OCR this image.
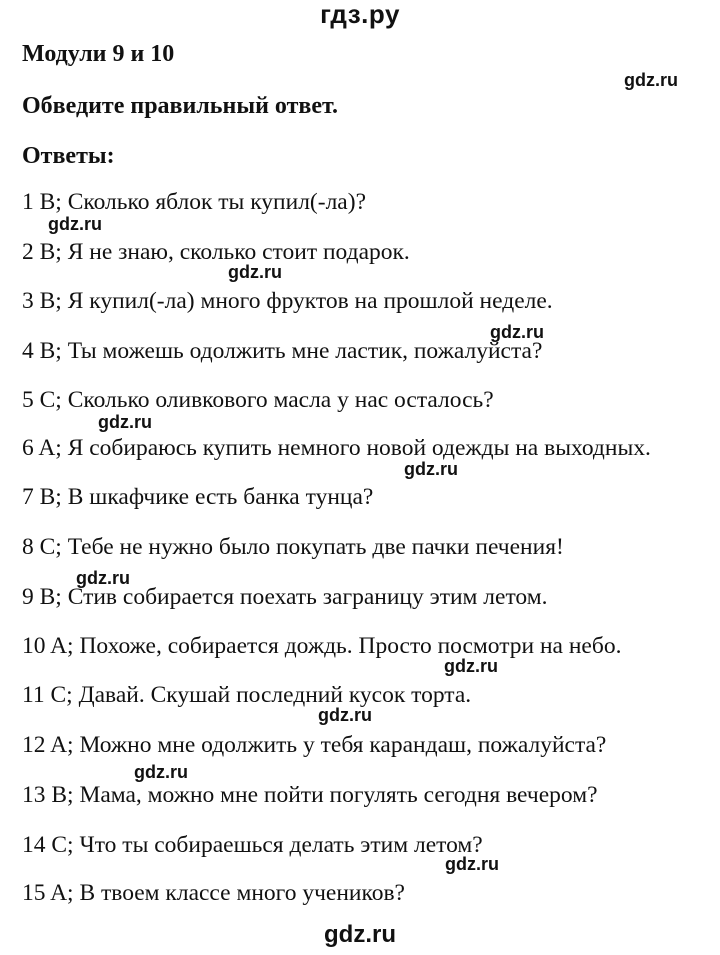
гдз.ру
Модули 9 и 10
Обведите правильный ответ.
Ответы:
1 B; Сколько яблок ты купил(-ла)?
2 B; Я не знаю, сколько стоит подарок.
3 B; Я купил(-ла) много фруктов на прошлой неделе.
4 B; Ты можешь одолжить мне ластик, пожалуйста?
5 C; Сколько оливкового масла у нас осталось?
6 A; Я собираюсь купить немного новой одежды на выходных.
7 B; В шкафчике есть банка тунца?
8 C; Тебе не нужно было покупать две пачки печения!
9 B; Стив собирается поехать заграницу этим летом.
10 A; Похоже, собирается дождь. Просто посмотри на небо.
11 C; Давай. Скушай последний кусок торта.
12 A; Можно мне одолжить у тебя карандаш, пожалуйста?
13 B; Мама, можно мне пойти погулять сегодня вечером?
14 C; Что ты собираешься делать этим летом?
15 A; В твоем классе много учеников?
gdz.ru
gdz.ru
gdz.ru
gdz.ru
gdz.ru
gdz.ru
gdz.ru
gdz.ru
gdz.ru
gdz.ru
gdz.ru
gdz.ru
